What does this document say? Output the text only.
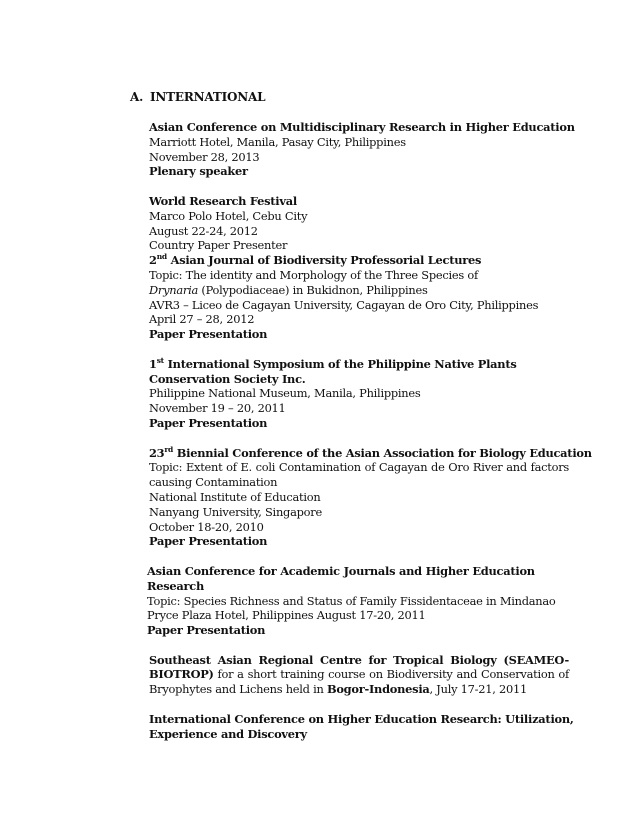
A. INTERNATIONAL
Asian Conference on Multidisciplinary Research in Higher Education
Marriott Hotel, Manila, Pasay City, Philippines
November 28, 2013
Plenary speaker
World Research Festival
Marco Polo Hotel, Cebu City
August 22-24, 2012
Country Paper Presenter
2nd Asian Journal of Biodiversity Professorial Lectures
Topic: The identity and Morphology of the Three Species of
Drynaria (Polypodiaceae) in Bukidnon, Philippines
AVR3 – Liceo de Cagayan University, Cagayan de Oro City, Philippines
April 27 – 28, 2012
Paper Presentation
1st International Symposium of the Philippine Native Plants
Conservation Society Inc.
Philippine National Museum, Manila, Philippines
November 19 – 20, 2011
Paper Presentation
23rd Biennial Conference of the Asian Association for Biology Education
Topic: Extent of E. coli Contamination of Cagayan de Oro River and factors causing Contamination
National Institute of Education
Nanyang University, Singapore
October 18-20, 2010
Paper Presentation
Asian Conference for Academic Journals and Higher Education
Research
Topic: Species Richness and Status of Family Fissidentaceae in Mindanao
Pryce Plaza Hotel, Philippines August 17-20, 2011
Paper Presentation
Southeast Asian Regional Centre for Tropical Biology (SEAMEO-BIOTROP) for a short training course on Biodiversity and Conservation of Bryophytes and Lichens held in Bogor-Indonesia, July 17-21, 2011
International Conference on Higher Education Research: Utilization,
Experience and Discovery
